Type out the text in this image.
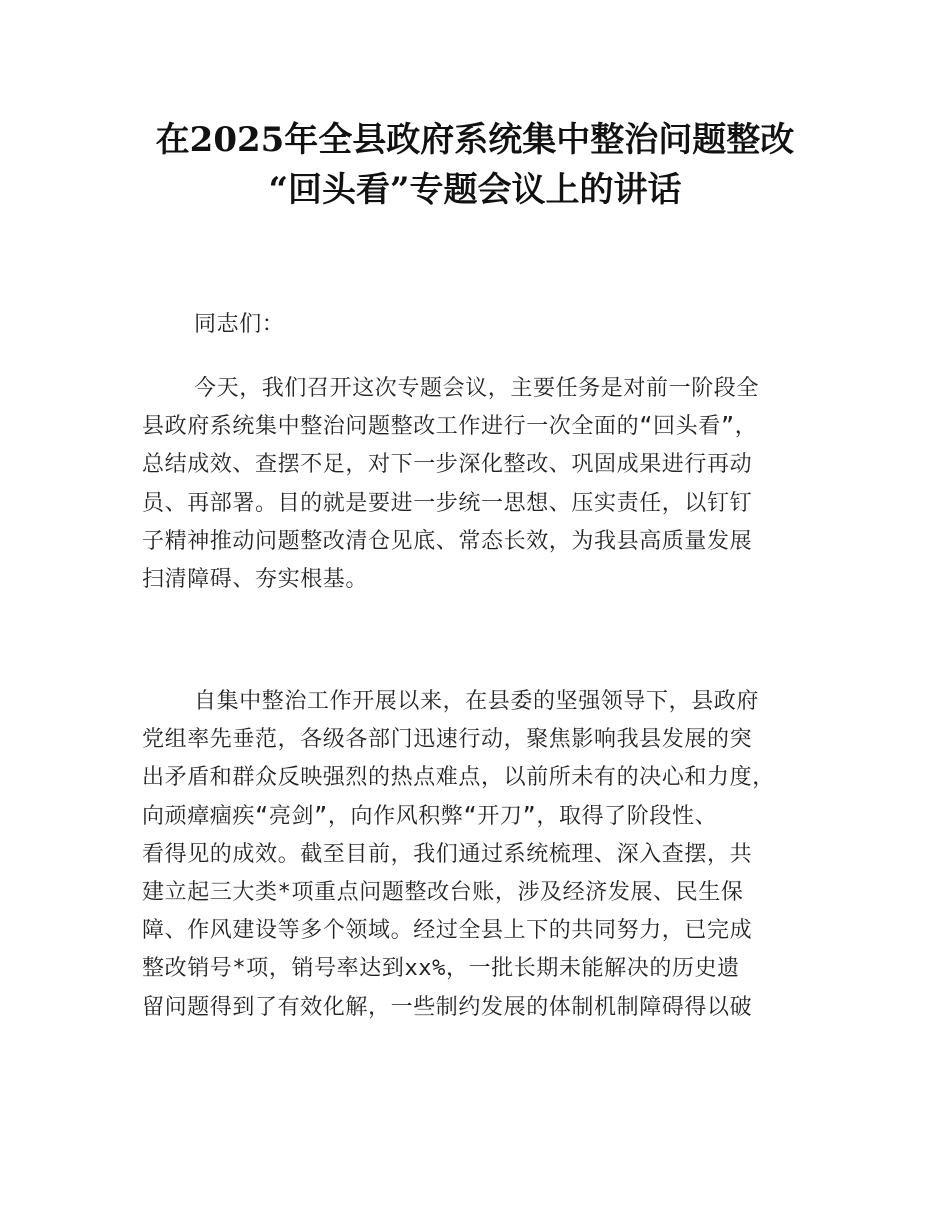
在2025年全县政府系统集中整治问题整改
“回头看”专题会议上的讲话

同志们：

今天，我们召开这次专题会议，主要任务是对前一阶段全
县政府系统集中整治问题整改工作进行一次全面的“回头看”，
总结成效、查摆不足，对下一步深化整改、巩固成果进行再动
员、再部署。目的就是要进一步统一思想、压实责任，以钉钉
子精神推动问题整改清仓见底、常态长效，为我县高质量发展
扫清障碍、夯实根基。

自集中整治工作开展以来，在县委的坚强领导下，县政府
党组率先垂范，各级各部门迅速行动，聚焦影响我县发展的突
出矛盾和群众反映强烈的热点难点，以前所未有的决心和力度，
向顽瘴痼疾“亮剑”，向作风积弊“开刀”，取得了阶段性、
看得见的成效。截至目前，我们通过系统梳理、深入查摆，共
建立起三大类*项重点问题整改台账，涉及经济发展、民生保
障、作风建设等多个领域。经过全县上下的共同努力，已完成
整改销号*项，销号率达到xx%，一批长期未能解决的历史遗
留问题得到了有效化解，一些制约发展的体制机制障碍得以破
